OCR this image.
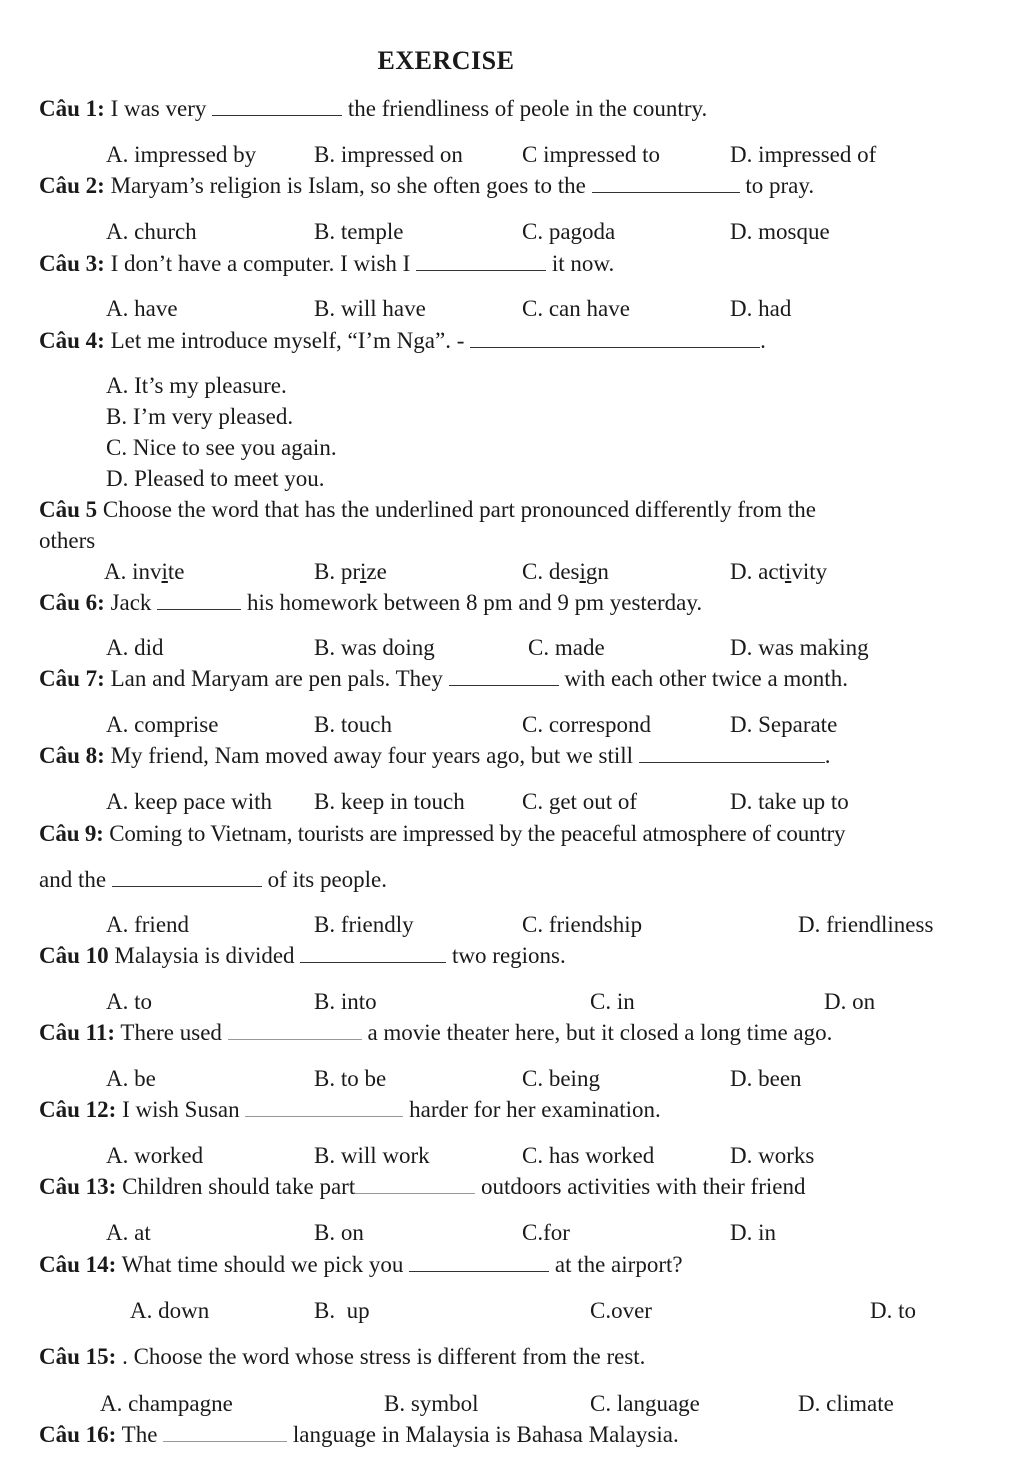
EXERCISE
Câu 1: I was very	the friendliness of peole in the country.
A. impressed by	B. impressed on	C impressed to	D. impressed of
Câu 2: Maryam’s religion is Islam, so she often goes to the	to pray.
A. church	B. temple	C. pagoda	D. mosque
Câu 3: I don’t have a computer. I wish I	it now.
A. have	B. will have	C. can have	D. had
Câu 4: Let me introduce myself, “I’m Nga”. -	.
A. It’s my pleasure.
B. I’m very pleased.
C. Nice to see you again.
D. Pleased to meet you.
Câu 5 Choose the word that has the underlined part pronounced differently from the
others
A. invite	B. prize	C. design	D. activity
Câu 6: Jack	his homework between 8 pm and 9 pm yesterday.
A. did	B. was doing	C. made	D. was making
Câu 7: Lan and Maryam are pen pals. They	with each other twice a month.
A. comprise	B. touch	C. correspond	D. Separate
Câu 8: My friend, Nam moved away four years ago, but we still	.
A. keep pace with B. keep in touch C. get out of	D. take up to
Câu 9: Coming to Vietnam, tourists are impressed by the peaceful atmosphere of country
and the	of its people.
A. friend	B. friendly	C. friendship	D. friendliness
Câu 10 Malaysia is divided	two regions.
A. to	B. into	C. in	D. on
Câu 11: There used	a movie theater here, but it closed a long time ago.
A. be	B. to be	C. being	D. been
Câu 12: I wish Susan	harder for her examination.
A. worked	B. will work	C. has worked	D. works
Câu 13: Children should take part	outdoors activities with their friend
A. at	B. on	C.for	D. in
Câu 14: What time should we pick you	at the airport?
A. down	B.  up	C.over	D. to
Câu 15: . Choose the word whose stress is different from the rest.
A. champagne	B. symbol	C. language	D. climate
Câu 16: The	language in Malaysia is Bahasa Malaysia.
